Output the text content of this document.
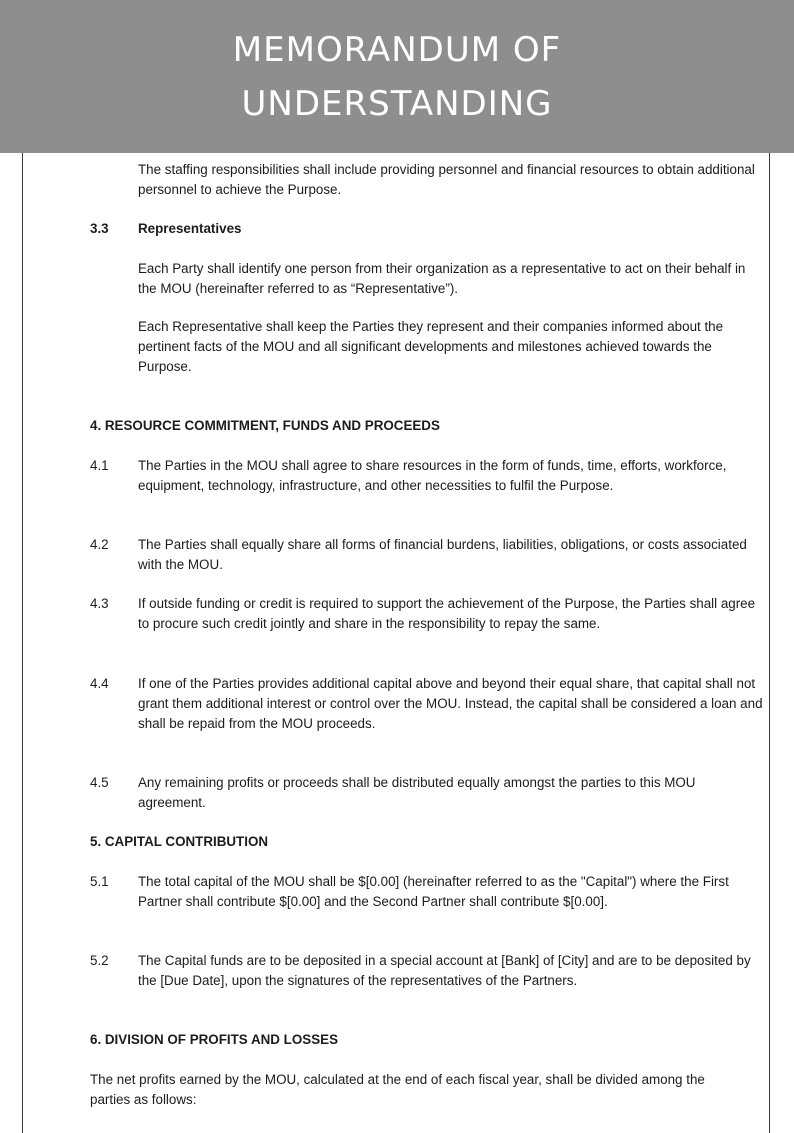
MEMORANDUM OF
UNDERSTANDING

The staffing responsibilities shall include providing personnel and financial resources to obtain additional personnel to achieve the Purpose.

3.3 Representatives

Each Party shall identify one person from their organization as a representative to act on their behalf in the MOU (hereinafter referred to as “Representative”).

Each Representative shall keep the Parties they represent and their companies informed about the pertinent facts of the MOU and all significant developments and milestones achieved towards the Purpose.

4. RESOURCE COMMITMENT, FUNDS AND PROCEEDS
4.1 The Parties in the MOU shall agree to share resources in the form of funds, time, efforts, workforce, equipment, technology, infrastructure, and other necessities to fulfil the Purpose.

4.2 The Parties shall equally share all forms of financial burdens, liabilities, obligations, or costs associated with the MOU.

4.3 If outside funding or credit is required to support the achievement of the Purpose, the Parties shall agree to procure such credit jointly and share in the responsibility to repay the same.

4.4 If one of the Parties provides additional capital above and beyond their equal share, that capital shall not grant them additional interest or control over the MOU. Instead, the capital shall be considered a loan and shall be repaid from the MOU proceeds.

4.5 Any remaining profits or proceeds shall be distributed equally amongst the parties to this MOU agreement.

5. CAPITAL CONTRIBUTION
5.1 The total capital of the MOU shall be $[0.00] (hereinafter referred to as the "Capital") where the First Partner shall contribute $[0.00] and the Second Partner shall contribute $[0.00].

5.2 The Capital funds are to be deposited in a special account at [Bank] of [City] and are to be deposited by the [Due Date], upon the signatures of the representatives of the Partners.

6. DIVISION OF PROFITS AND LOSSES

The net profits earned by the MOU, calculated at the end of each fiscal year, shall be divided among the parties as follows:
